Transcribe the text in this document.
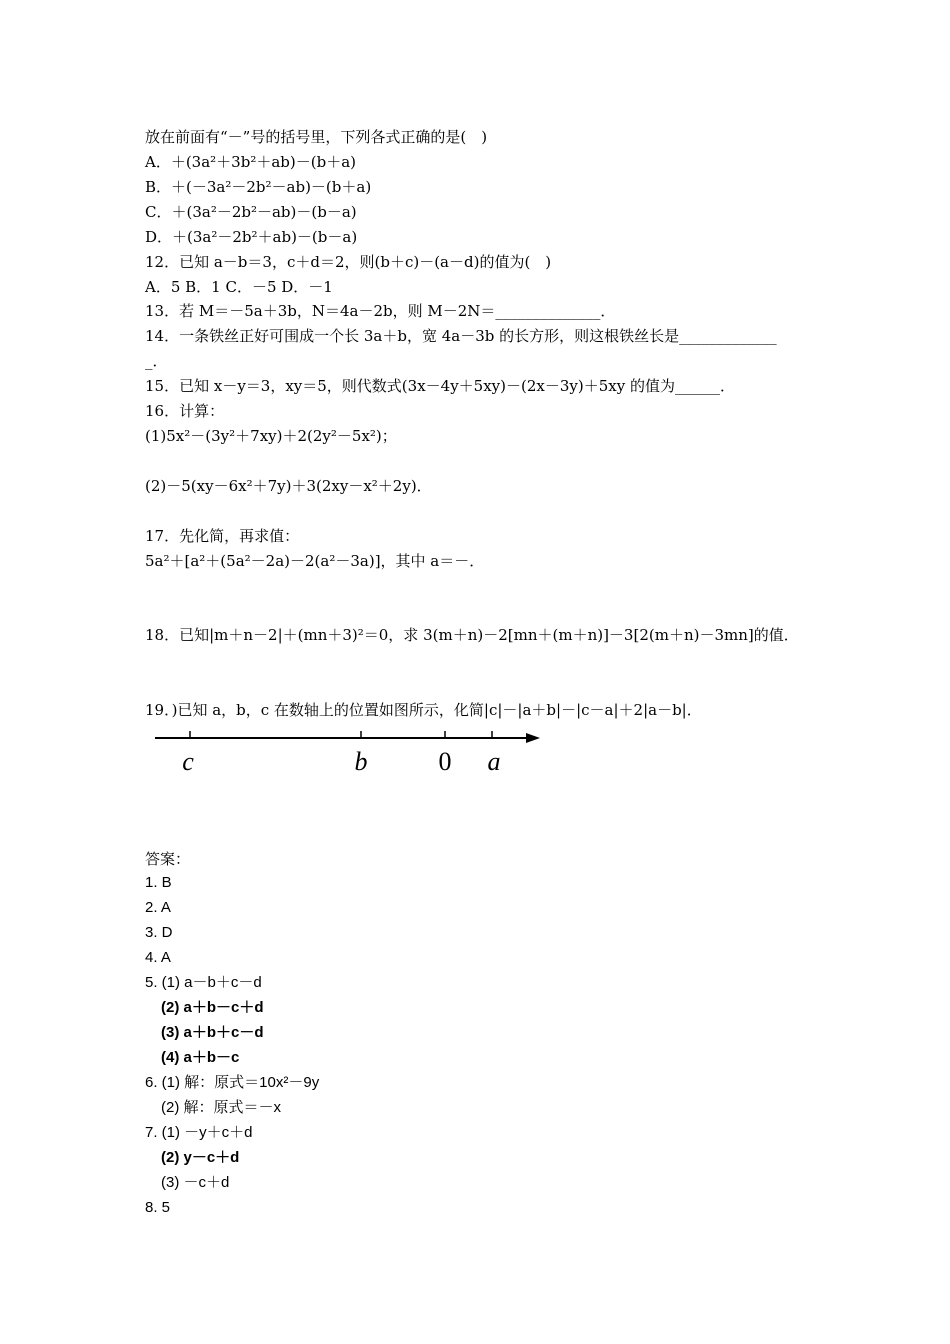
放在前面有“－”号的括号里，下列各式正确的是(　)
A．＋(3a²＋3b²＋ab)－(b＋a)
B．＋(－3a²－2b²－ab)－(b＋a)
C．＋(3a²－2b²－ab)－(b－a)
D．＋(3a²－2b²＋ab)－(b－a)
12．已知 a－b＝3，c＋d＝2，则(b＋c)－(a－d)的值为(　)
A．5 B．1 C．－5 D．－1
13．若 M＝－5a＋3b，N＝4a－2b，则 M－2N＝______________．
14．一条铁丝正好可围成一个长 3a＋b，宽 4a－3b 的长方形，则这根铁丝长是_____________
_．
15．已知 x－y＝3，xy＝5，则代数式(3x－4y＋5xy)－(2x－3y)＋5xy 的值为______．
16．计算：
(1)5x²－(3y²＋7xy)＋2(2y²－5x²)；
(2)－5(xy－6x²＋7y)＋3(2xy－x²＋2y)．
17．先化简，再求值：
5a²＋[a²＋(5a²－2a)－2(a²－3a)]，其中 a＝－．
18．已知|m＋n－2|＋(mn＋3)²＝0，求 3(m＋n)－2[mn＋(m＋n)]－3[2(m＋n)－3mn]的值．
19．)已知 a，b，c 在数轴上的位置如图所示，化简|c|－|a＋b|－|c－a|＋2|a－b|．
c	b	0 a
答案：
1. B
2. A
3. D
4. A
5. (1) a－b＋c－d
(2) a＋b－c＋d
(3) a＋b＋c－d
(4) a＋b－c
6. (1) 解：原式＝10x²－9y
(2) 解：原式＝－x
7. (1) －y＋c＋d
(2) y－c＋d
(3) －c＋d
8. 5
